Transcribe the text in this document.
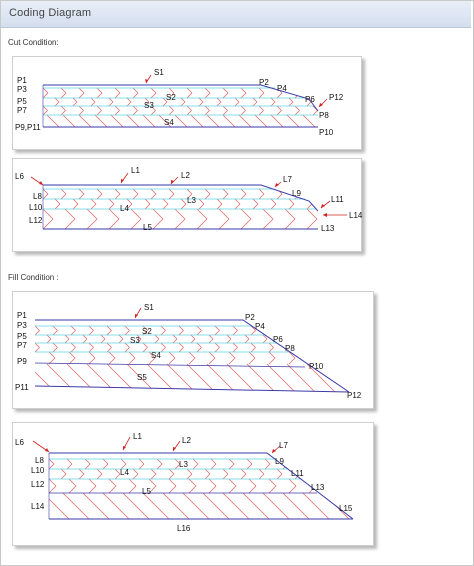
Coding Diagram
Cut Condition:
P1
P3
P5
P7
P9,P11
S1
S2
S3
S4
P2
P4
P6
P8
P10
P12
L6
L8
L10
L12
L1
L2
L3
L4
L5
L7
L9
L11
L13
L14
Fill Condition :
P1
P3
P5
P7
P9
P11
S1
S2
S3
S4
S5
P2
P4
P6
P8
P10
P12
L6
L8
L10
L12
L14
L1	L2
L3
L4
L5
L7
L9
L11
L13
L15
L16
